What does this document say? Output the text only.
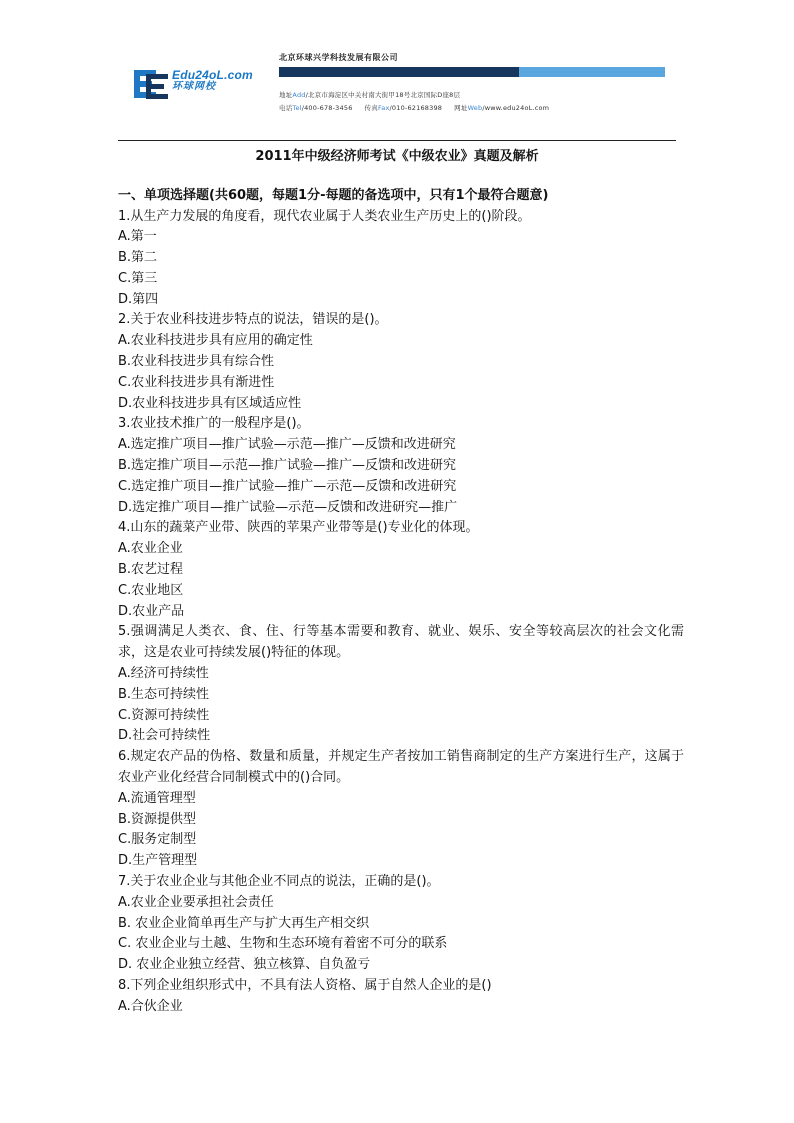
Edu24oL.com
环球网校
北京环球兴学科技发展有限公司
地址Add/北京市海淀区中关村南大街甲18号北京国际D座8层
电话Tel/400-678-3456 传真Fax/010-62168398 网址Web/www.edu24oL.com
2011年中级经济师考试《中级农业》真题及解析
一、单项选择题(共60题，每题1分-每题的备选项中，只有1个最符合题意)
1.从生产力发展的角度看，现代农业属于人类农业生产历史上的()阶段。
A.第一
B.第二
C.第三
D.第四
2.关于农业科技进步特点的说法，错误的是()。
A.农业科技进步具有应用的确定性
B.农业科技进步具有综合性
C.农业科技进步具有渐进性
D.农业科技进步具有区域适应性
3.农业技术推广的一般程序是()。
A.选定推广项目—推广试验—示范—推广—反馈和改进研究
B.选定推广项目—示范—推广试验—推广—反馈和改进研究
C.选定推广项目—推广试验—推广—示范—反馈和改进研究
D.选定推广项目—推广试验—示范—反馈和改进研究—推广
4.山东的蔬菜产业带、陕西的苹果产业带等是()专业化的体现。
A.农业企业
B.农艺过程
C.农业地区
D.农业产品
5.强调满足人类衣、食、住、行等基本需要和教育、就业、娱乐、安全等较高层次的社会文化需求，这是农业可持续发展()特征的体现。
A.经济可持续性
B.生态可持续性
C.资源可持续性
D.社会可持续性
6.规定农产品的伪格、数量和质量，并规定生产者按加工销售商制定的生产方案进行生产，这属于农业产业化经营合同制模式中的()合同。
A.流通管理型
B.资源提供型
C.服务定制型
D.生产管理型
7.关于农业企业与其他企业不同点的说法，正确的是()。
A.农业企业要承担社会责任
B. 农业企业简单再生产与扩大再生产相交织
C. 农业企业与土越、生物和生态环境有着密不可分的联系
D. 农业企业独立经营、独立核算、自负盈亏
8.下列企业组织形式中，不具有法人资格、属于自然人企业的是()
A.合伙企业
